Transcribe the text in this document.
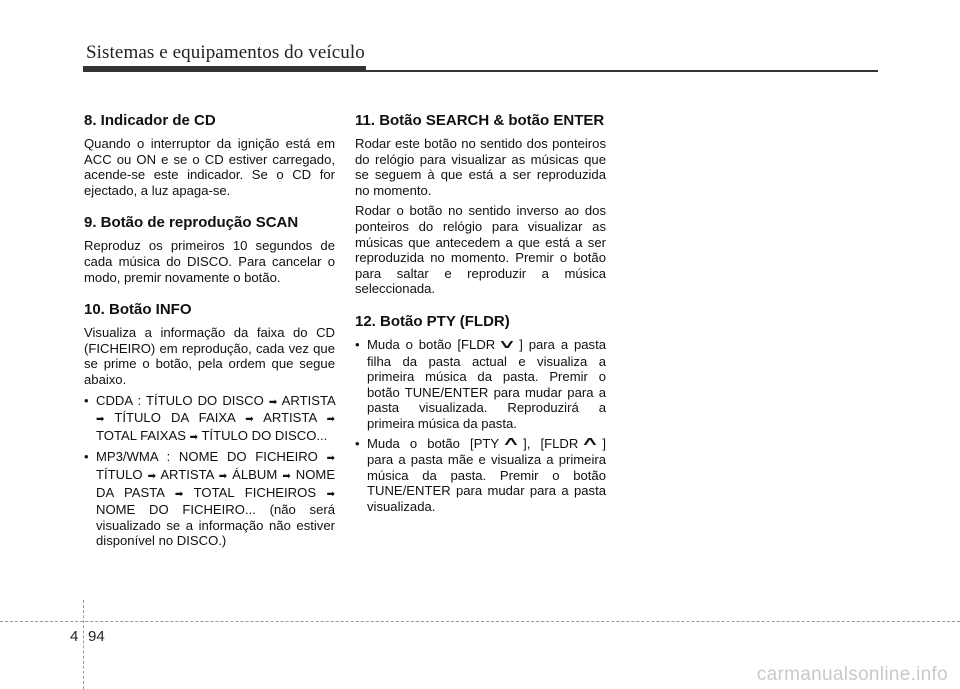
Sistemas e equipamentos do veículo
8. Indicador de CD

Quando o interruptor da ignição está em ACC ou ON e se o CD estiver carregado, acende-se este indicador. Se o CD for ejectado, a luz apaga-se.

9. Botão de reprodução SCAN

Reproduz os primeiros 10 segundos de cada música do DISCO. Para cancelar o modo, premir novamente o botão.

10. Botão INFO

Visualiza a informação da faixa do CD (FICHEIRO) em reprodução, cada vez que se prime o botão, pela ordem que segue abaixo.

• CDDA : TÍTULO DO DISCO ➡ ARTISTA ➡ TÍTULO DA FAIXA ➡ ARTISTA ➡ TOTAL FAIXAS ➡ TÍTULO DO DISCO...
• MP3/WMA : NOME DO FICHEIRO ➡ TÍTULO ➡ ARTISTA ➡ ÁLBUM ➡ NOME DA PASTA ➡ TOTAL FICHEIROS ➡ NOME DO FICHEIRO... (não será visualizado se a informação não estiver disponível no DISCO.)
11. Botão SEARCH & botão ENTER

Rodar este botão no sentido dos ponteiros do relógio para visualizar as músicas que se seguem à que está a ser reproduzida no momento.

Rodar o botão no sentido inverso ao dos ponteiros do relógio para visualizar as músicas que antecedem a que está a ser reproduzida no momento. Premir o botão para saltar e reproduzir a música seleccionada.

12. Botão PTY (FLDR)
• Muda o botão [FLDR ∨ ] para a pasta filha da pasta actual e visualiza a primeira música da pasta. Premir o botão TUNE/ENTER para mudar para a pasta visualizada. Reproduzirá a primeira música da pasta.
• Muda o botão [PTY ∧ ], [FLDR ∧ ] para a pasta mãe e visualiza a primeira música da pasta. Premir o botão TUNE/ENTER para mudar para a pasta visualizada.
4 94
carmanualsonline.info
